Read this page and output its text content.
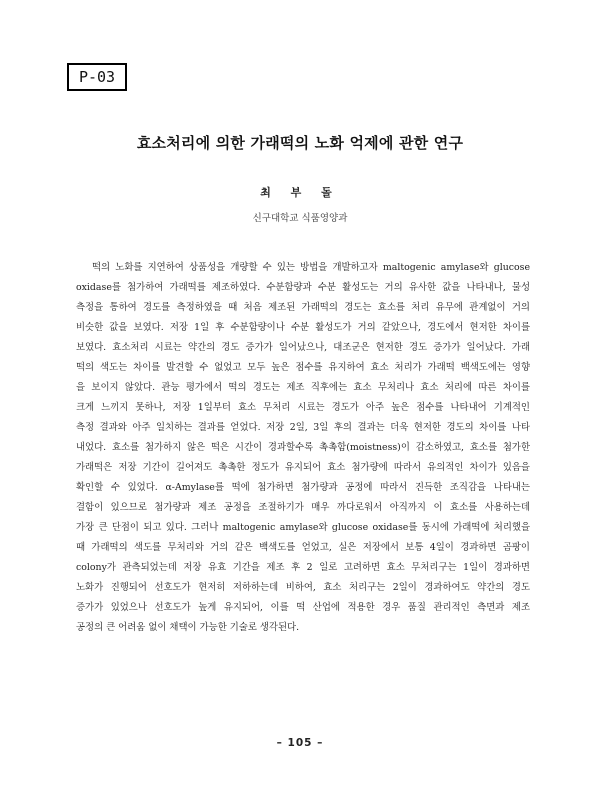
P-03
효소처리에 의한 가래떡의 노화 억제에 관한 연구
최 부 돌
신구대학교 식품영양과
떡의 노화를 지연하여 상품성을 개량할 수 있는 방법을 개발하고자 maltogenic amylase와 glucose
oxidase를 첨가하여 가래떡를 제조하였다. 수분함량과 수분 활성도는 거의 유사한 값을 나타내나, 물성
측정을 통하여 경도를 측정하였을 때 처음 제조된 가래떡의 경도는 효소를 처리 유무에 관계없이 거의
비슷한 값을 보였다. 저장 1일 후 수분함량이나 수분 활성도가 거의 같았으나, 경도에서 현저한 차이를
보였다. 효소처리 시료는 약간의 경도 증가가 일어났으나, 대조군은 현저한 경도 증가가 일어났다. 가래
떡의 색도는 차이를 발견할 수 없었고 모두 높은 점수를 유지하여 효소 처리가 가래떡 백색도에는 영향
을 보이지 않았다. 관능 평가에서 떡의 경도는 제조 직후에는 효소 무처리나 효소 처리에 따른 차이를
크게 느끼지 못하나, 저장 1일부터 효소 무처리 시료는 경도가 아주 높은 점수를 나타내어 기계적인
측정 결과와 아주 일치하는 결과를 얻었다. 저장 2일, 3일 후의 결과는 더욱 현저한 경도의 차이를 나타
내었다. 효소를 첨가하지 않은 떡은 시간이 경과할수록 촉촉함(moistness)이 감소하였고, 효소를 첨가한
가래떡은 저장 기간이 길어져도 촉촉한 정도가 유지되어 효소 첨가량에 따라서 유의적인 차이가 있음을
확인할 수 있었다. α-Amylase를 떡에 첨가하면 첨가량과 공정에 따라서 진득한 조직감을 나타내는
결함이 있으므로 첨가량과 제조 공정을 조절하기가 매우 까다로워서 아직까지 이 효소를 사용하는데
가장 큰 단점이 되고 있다. 그러나 maltogenic amylase와 glucose oxidase를 동시에 가래떡에 처리했을
때 가래떡의 색도를 무처리와 거의 같은 백색도를 얻었고, 실은 저장에서 보통 4일이 경과하면 곰팡이
colony가 관측되었는데 저장 유효 기간을 제조 후 2 일로 고려하면 효소 무처리구는 1일이 경과하면
노화가 진행되어 선호도가 현저히 저하하는데 비하여, 효소 처리구는 2일이 경과하여도 약간의 경도
증가가 있었으나 선호도가 높게 유지되어, 이를 떡 산업에 적용한 경우 품질 관리적인 측면과 제조
공정의 큰 어려움 없이 채택이 가능한 기술로 생각된다.
– 105 –
